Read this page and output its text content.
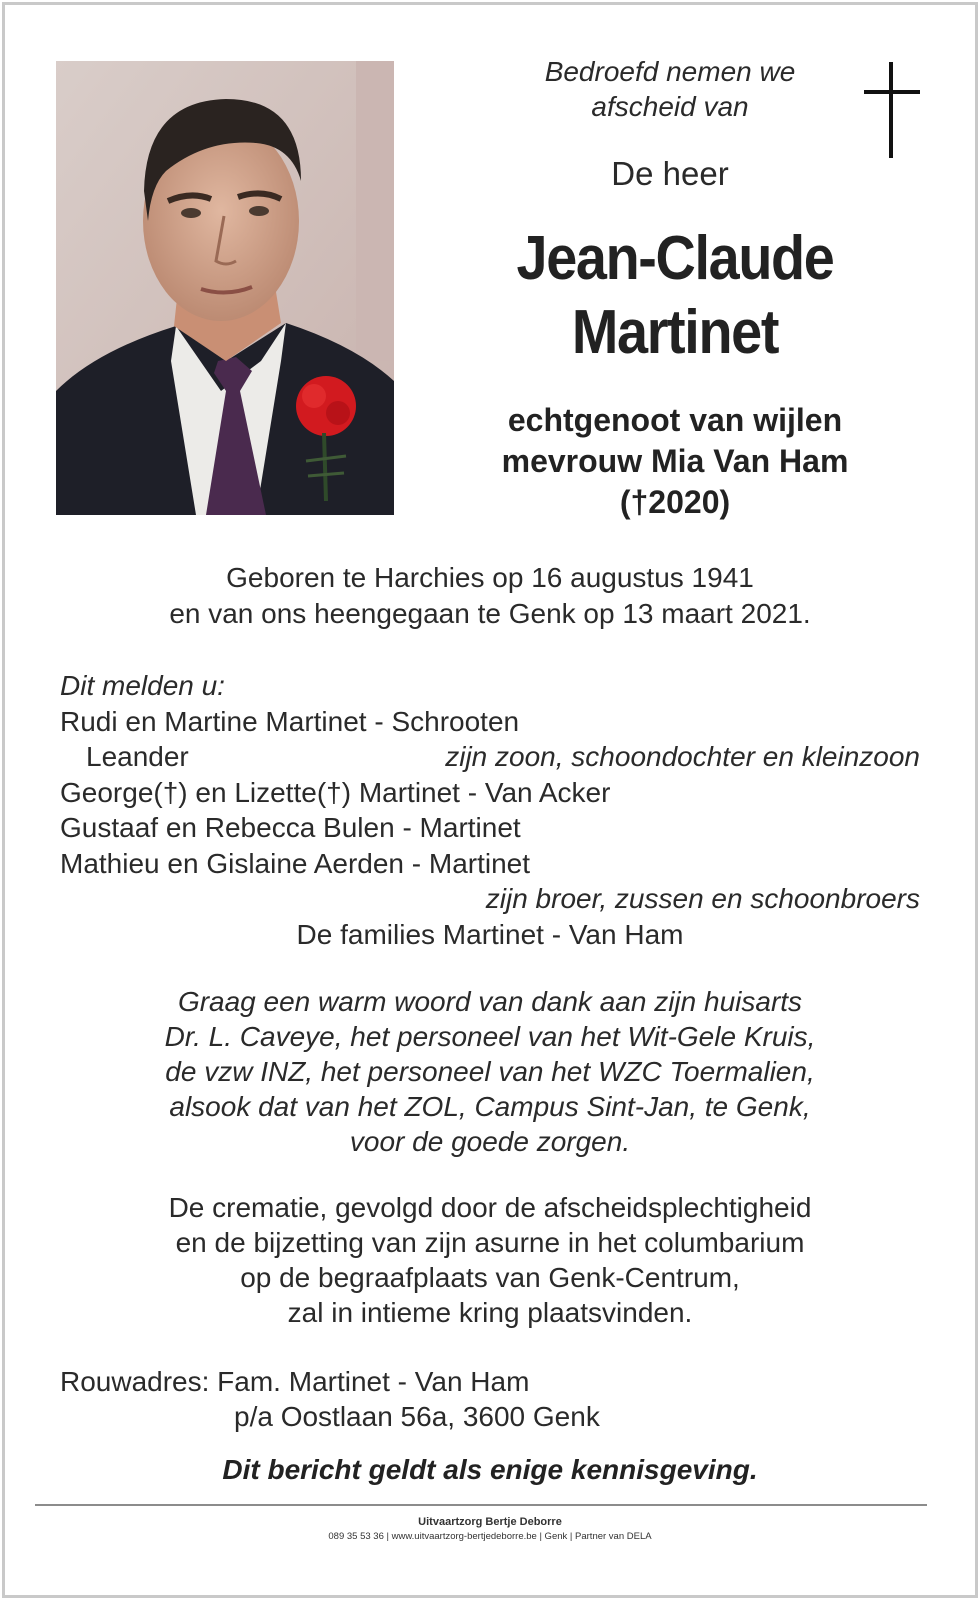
Bedroefd nemen we
afscheid van
De heer
Jean-Claude
Martinet
echtgenoot van wijlen
mevrouw Mia Van Ham
(†2020)
Geboren te Harchies op 16 augustus 1941
en van ons heengegaan te Genk op 13 maart 2021.
Dit melden u:
Rudi en Martine Martinet - Schrooten
Leander	zijn zoon, schoondochter en kleinzoon
George(†) en Lizette(†) Martinet - Van Acker
Gustaaf en Rebecca Bulen - Martinet
Mathieu en Gislaine Aerden - Martinet
zijn broer, zussen en schoonbroers
De families Martinet - Van Ham
Graag een warm woord van dank aan zijn huisarts
Dr. L. Caveye, het personeel van het Wit-Gele Kruis,
de vzw INZ, het personeel van het WZC Toermalien,
alsook dat van het ZOL, Campus Sint-Jan, te Genk,
voor de goede zorgen.
De crematie, gevolgd door de afscheidsplechtigheid
en de bijzetting van zijn asurne in het columbarium
op de begraafplaats van Genk-Centrum,
zal in intieme kring plaatsvinden.
Rouwadres: Fam. Martinet - Van Ham
p/a Oostlaan 56a, 3600 Genk
Dit bericht geldt als enige kennisgeving.
Uitvaartzorg Bertje Deborre
089 35 53 36 | www.uitvaartzorg-bertjedeborre.be | Genk | Partner van DELA
